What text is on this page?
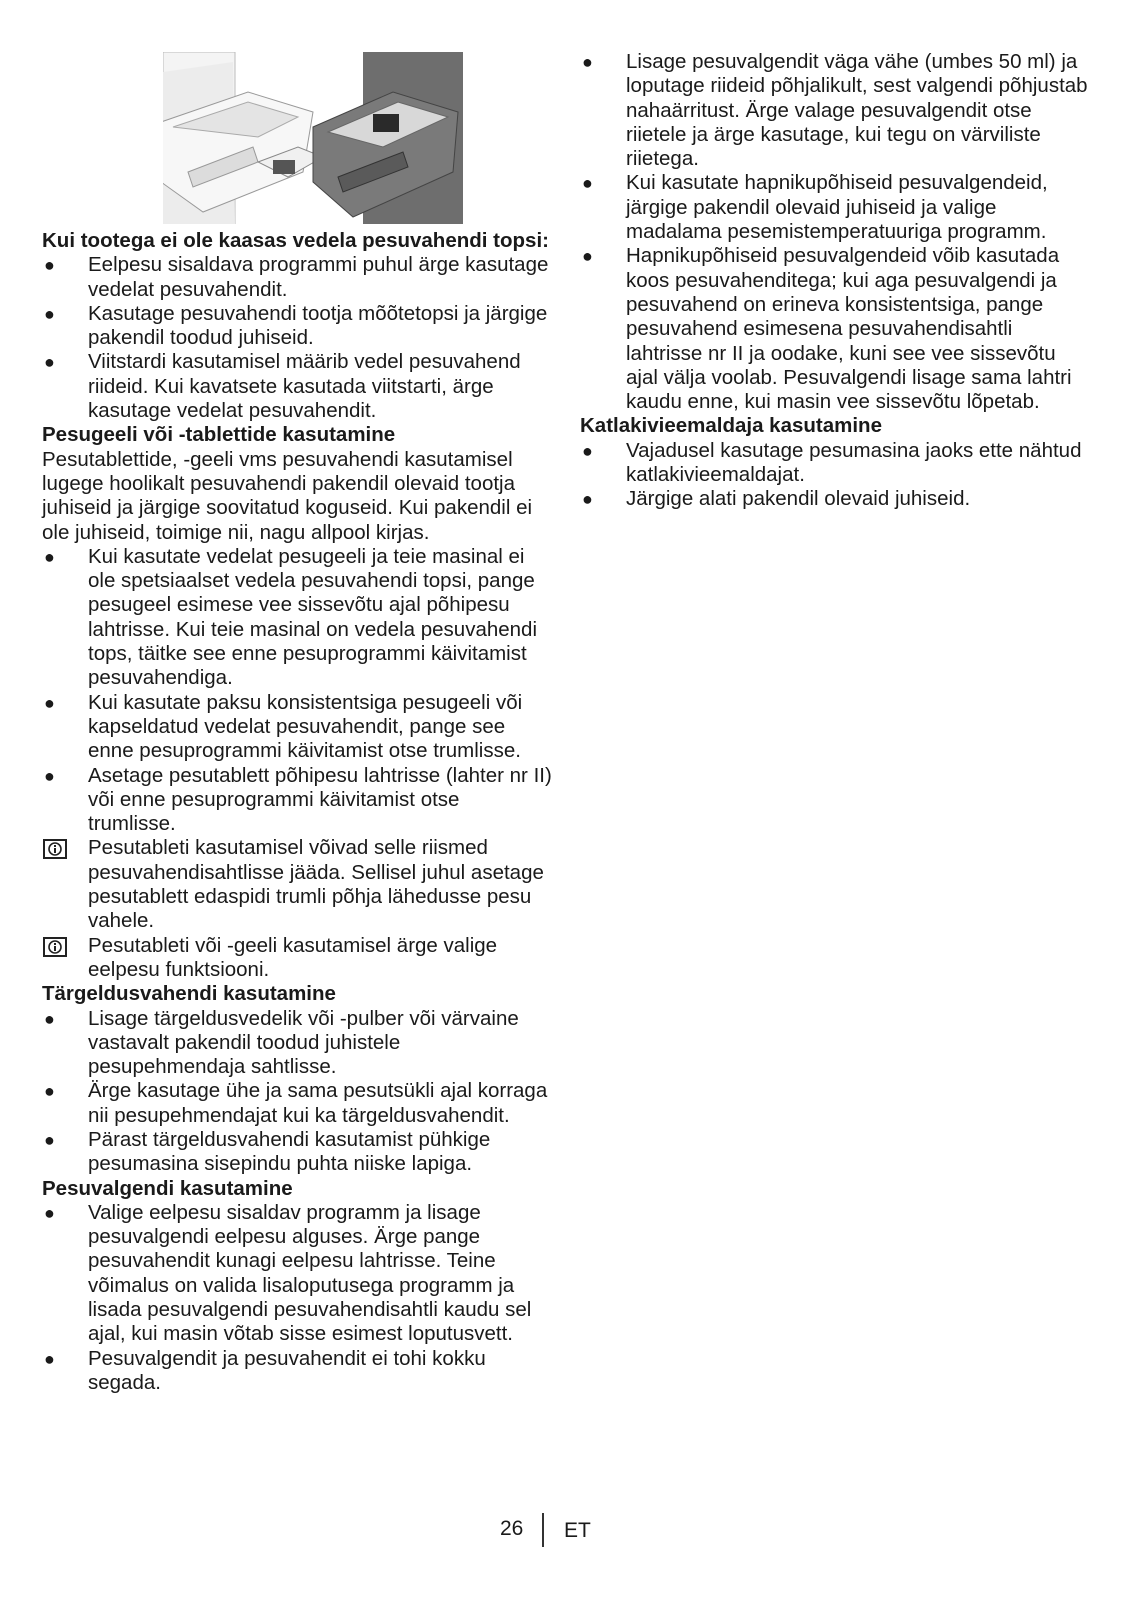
Kui tootega ei ole kaasas vedela pesuvahendi topsi:

● Eelpesu sisaldava programmi puhul ärge kasutage vedelat pesuvahendit.
● Kasutage pesuvahendi tootja mõõtetopsi ja järgige pakendil toodud juhiseid.
● Viitstardi kasutamisel määrib vedel pesuvahend riideid. Kui kavatsete kasutada viitstarti, ärge kasutage vedelat pesuvahendit.

Pesugeeli või -tablettide kasutamine

Pesutablettide, -geeli vms pesuvahendi kasutamisel lugege hoolikalt pesuvahendi pakendil olevaid tootja juhiseid ja järgige soovitatud koguseid. Kui pakendil ei ole juhiseid, toimige nii, nagu allpool kirjas.

● Kui kasutate vedelat pesugeeli ja teie masinal ei ole spetsiaalset vedela pesuvahendi topsi, pange pesugeel esimese vee sissevõtu ajal põhipesu lahtrisse. Kui teie masinal on vedela pesuvahendi tops, täitke see enne pesuprogrammi käivitamist pesuvahendiga.
● Kui kasutate paksu konsistentsiga pesugeeli või kapseldatud vedelat pesuvahendit, pange see enne pesuprogrammi käivitamist otse trumlisse.
● Asetage pesutablett põhipesu lahtrisse (lahter nr II) või enne pesuprogrammi käivitamist otse trumlisse.

Pesutableti kasutamisel võivad selle riismed pesuvahendisahtlisse jääda. Sellisel juhul asetage pesutablett edaspidi trumli põhja lähedusse pesu vahele.

Pesutableti või -geeli kasutamisel ärge valige eelpesu funktsiooni.

Tärgeldusvahendi kasutamine

● Lisage tärgeldusvedelik või -pulber või värvaine vastavalt pakendil toodud juhistele pesupehmendaja sahtlisse.
● Ärge kasutage ühe ja sama pesutsükli ajal korraga nii pesupehmendajat kui ka tärgeldusvahendit.
● Pärast tärgeldusvahendi kasutamist pühkige pesumasina sisepindu puhta niiske lapiga.

Pesuvalgendi kasutamine

● Valige eelpesu sisaldav programm ja lisage pesuvalgendi eelpesu alguses. Ärge pange pesuvahendit kunagi eelpesu lahtrisse. Teine võimalus on valida lisaloputusega programm ja lisada pesuvalgendi pesuvahendisahtli kaudu sel ajal, kui masin võtab sisse esimest loputusvett.
● Pesuvalgendit ja pesuvahendit ei tohi kokku segada.
● Lisage pesuvalgendit väga vähe (umbes 50 ml) ja loputage riideid põhjalikult, sest valgendi põhjustab nahaärritust. Ärge valage pesuvalgendit otse riietele ja ärge kasutage, kui tegu on värviliste riietega.
● Kui kasutate hapnikupõhiseid pesuvalgendeid, järgige pakendil olevaid juhiseid ja valige madalama pesemistemperatuuriga programm.
● Hapnikupõhiseid pesuvalgendeid võib kasutada koos pesuvahenditega; kui aga pesuvalgendi ja pesuvahend on erineva konsistentsiga, pange pesuvahend esimesena pesuvahendisahtli lahtrisse nr II ja oodake, kuni see vee sissevõtu ajal välja voolab. Pesuvalgendi lisage sama lahtri kaudu enne, kui masin vee sissevõtu lõpetab.

Katlakivieemaldaja kasutamine

● Vajadusel kasutage pesumasina jaoks ette nähtud katlakivieemaldajat.
● Järgige alati pakendil olevaid juhiseid.
26 ET
